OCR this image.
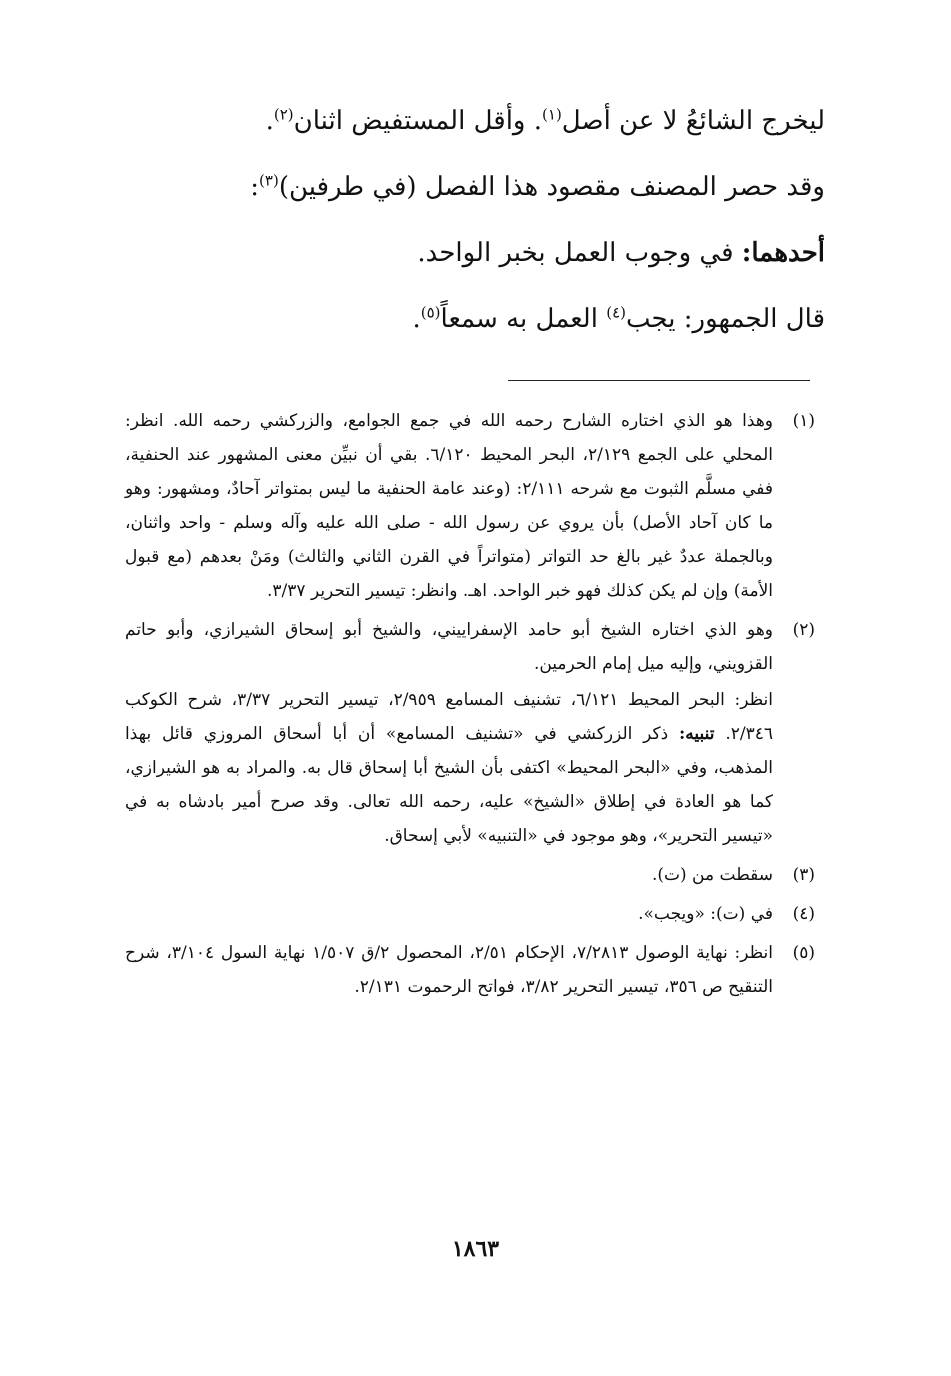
ليخرج الشائعُ لا عن أصل$^{(١)}$. وأقل المستفيض اثنان$^{(٢)}$.

وقد حصر المصنف مقصود هذا الفصل (في طرفين)$^{(٣)}$:

أحدهما: في وجوب العمل بخبر الواحد.

قال الجمهور: يجب$^{(٤)}$ العمل به سمعاً$^{(٥)}$.

(١)

وهذا هو الذي اختاره الشارح رحمه الله في جمع الجوامع، والزركشي رحمه الله. انظر: المحلي على الجمع ٢/١٢٩، البحر المحيط ٦/١٢٠. بقي أن نبيِّن معنى المشهور عند الحنفية، ففي مسلَّم الثبوت مع شرحه ٢/١١١: (وعند عامة الحنفية ما ليس بمتواتر آحادٌ، ومشهور: وهو ما كان آحاد الأصل) بأن يروي عن رسول الله - صلى الله عليه وآله وسلم - واحد واثنان، وبالجملة عددٌ غير بالغ حد التواتر (متواتراً في القرن الثاني والثالث) ومَنْ بعدهم (مع قبول الأمة) وإن لم يكن كذلك فهو خبر الواحد. اهـ. وانظر: تيسير التحرير ٣/٣٧.

(٢)

وهو الذي اختاره الشيخ أبو حامد الإسفراييني، والشيخ أبو إسحاق الشيرازي، وأبو حاتم القزويني، وإليه ميل إمام الحرمين.

انظر: البحر المحيط ٦/١٢١، تشنيف المسامع ٢/٩٥٩، تيسير التحرير ٣/٣٧، شرح الكوكب ٢/٣٤٦. تنبيه: ذكر الزركشي في «تشنيف المسامع» أن أبا أسحاق المروزي قائل بهذا المذهب، وفي «البحر المحيط» اكتفى بأن الشيخ أبا إسحاق قال به. والمراد به هو الشيرازي، كما هو العادة في إطلاق «الشيخ» عليه، رحمه الله تعالى. وقد صرح أمير بادشاه به في «تيسير التحرير»، وهو موجود في «التنبيه» لأبي إسحاق.

(٣)

سقطت من (ت).

(٤)

في (ت): «ويجب».

(٥)

انظر: نهاية الوصول ٧/٢٨١٣، الإحكام ٢/٥١، المحصول ٢/ق ١/٥٠٧ نهاية السول ٣/١٠٤، شرح التنقيح ص ٣٥٦، تيسير التحرير ٣/٨٢، فواتح الرحموت ٢/١٣١.

١٨٦٣
